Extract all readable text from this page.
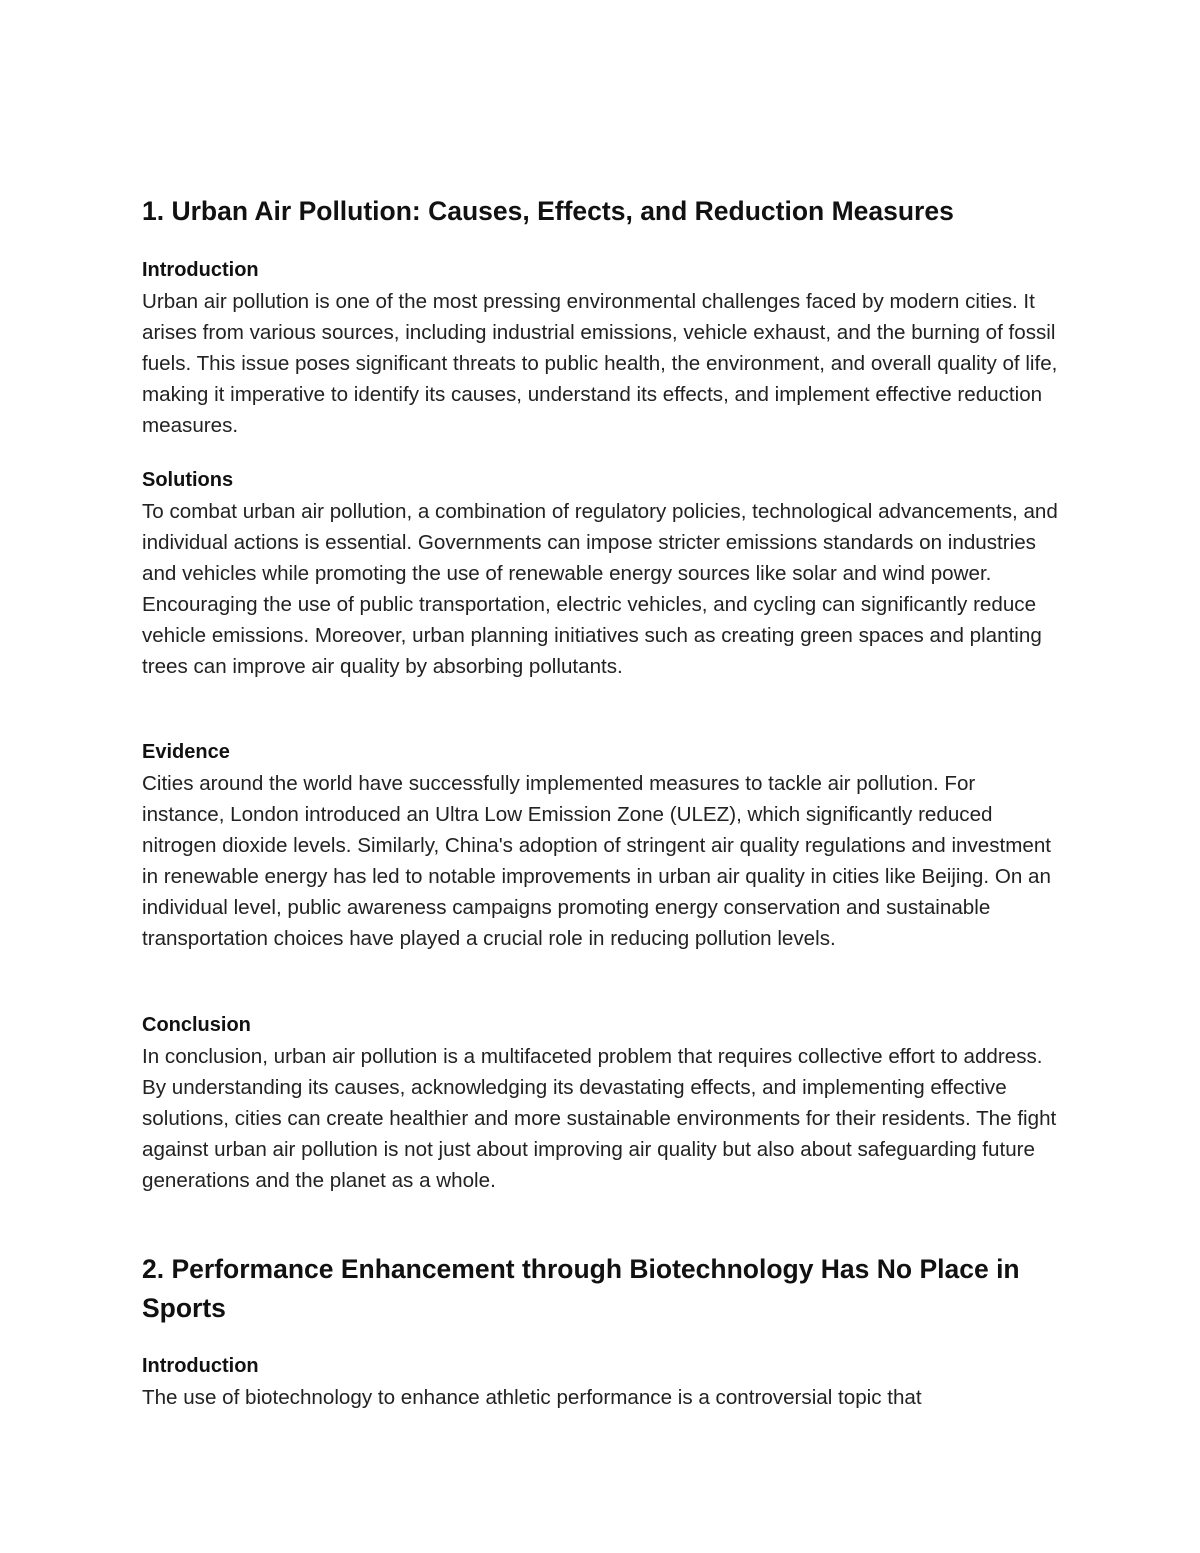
1. Urban Air Pollution: Causes, Effects, and Reduction Measures
Introduction

Urban air pollution is one of the most pressing environmental challenges faced by modern cities. It arises from various sources, including industrial emissions, vehicle exhaust, and the burning of fossil fuels. This issue poses significant threats to public health, the environment, and overall quality of life, making it imperative to identify its causes, understand its effects, and implement effective reduction measures.

Solutions

To combat urban air pollution, a combination of regulatory policies, technological advancements, and individual actions is essential. Governments can impose stricter emissions standards on industries and vehicles while promoting the use of renewable energy sources like solar and wind power. Encouraging the use of public transportation, electric vehicles, and cycling can significantly reduce vehicle emissions. Moreover, urban planning initiatives such as creating green spaces and planting trees can improve air quality by absorbing pollutants.

Evidence

Cities around the world have successfully implemented measures to tackle air pollution. For instance, London introduced an Ultra Low Emission Zone (ULEZ), which significantly reduced nitrogen dioxide levels. Similarly, China's adoption of stringent air quality regulations and investment in renewable energy has led to notable improvements in urban air quality in cities like Beijing. On an individual level, public awareness campaigns promoting energy conservation and sustainable transportation choices have played a crucial role in reducing pollution levels.

Conclusion

In conclusion, urban air pollution is a multifaceted problem that requires collective effort to address. By understanding its causes, acknowledging its devastating effects, and implementing effective solutions, cities can create healthier and more sustainable environments for their residents. The fight against urban air pollution is not just about improving air quality but also about safeguarding future generations and the planet as a whole.

2. Performance Enhancement through Biotechnology Has No Place in Sports
Introduction

The use of biotechnology to enhance athletic performance is a controversial topic that
